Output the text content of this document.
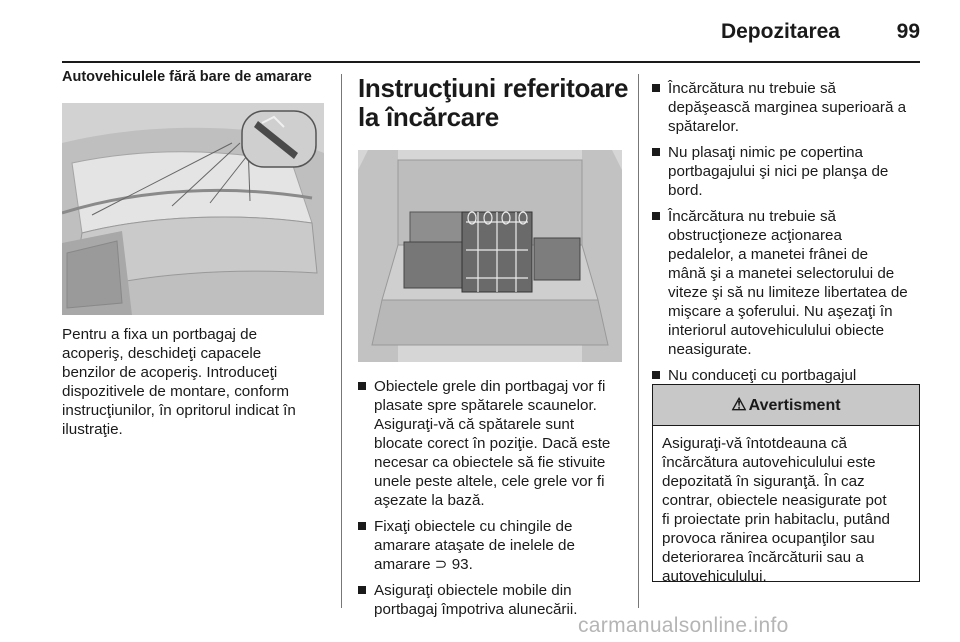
Depozitarea	99
Autovehiculele fără bare de amarare
Pentru a fixa un portbagaj de
acoperiş, deschideţi capacele
benzilor de acoperiş. Introduceţi
dispozitivele de montare, conform
instrucţiunilor, în opritorul indicat în
ilustraţie.
Instrucţiuni referitoare
la încărcare
Obiectele grele din portbagaj vor fi
plasate spre spătarele scaunelor.
Asiguraţi-vă că spătarele sunt
blocate corect în poziţie. Dacă este
necesar ca obiectele să fie stivuite
unele peste altele, cele grele vor fi
aşezate la bază.
Fixaţi obiectele cu chingile de
amarare ataşate de inelele de
amarare ⊃ 93.
Asiguraţi obiectele mobile din
portbagaj împotriva alunecării.
Încărcătura nu trebuie să
depăşească marginea superioară a
spătarelor.
Nu plasaţi nimic pe copertina
portbagajului şi nici pe planşa de
bord.
Încărcătura nu trebuie să
obstrucţioneze acţionarea
pedalelor, a manetei frânei de
mână şi a manetei selectorului de
viteze şi să nu limiteze libertatea de
mişcare a şoferului. Nu aşezaţi în
interiorul autovehiculului obiecte
neasigurate.
Nu conduceţi cu portbagajul
⚠ Avertisment
Asiguraţi-vă întotdeauna că
încărcătura autovehiculului este
depozitată în siguranţă. În caz
contrar, obiectele neasigurate pot
fi proiectate prin habitaclu, putând
provoca rănirea ocupanţilor sau
deteriorarea încărcăturii sau a
autovehiculului.
carmanualsonline.info
